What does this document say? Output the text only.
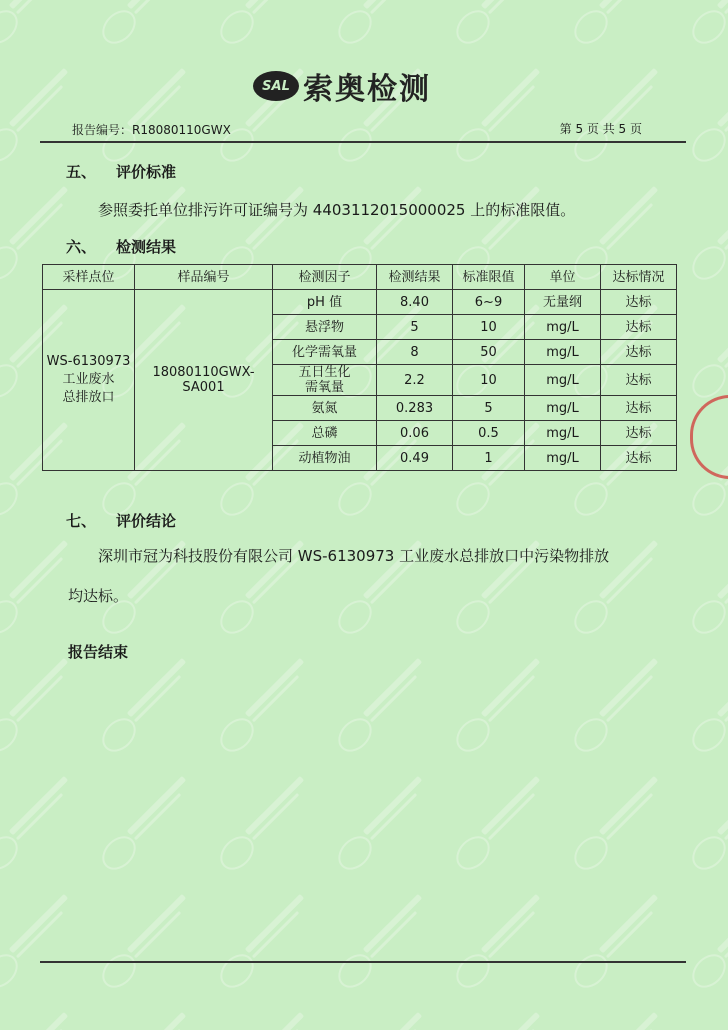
SAL 索奥检测
报告编号：R18080110GWX	第 5 页 共 5 页
五、 评价标准
参照委托单位排污许可证编号为 4403112015000025 上的标准限值。
六、 检测结果
采样点位	样品编号	检测因子	检测结果	标准限值	单位	达标情况

WS-6130973
工业废水
总排放口	18080110GWX-SA001	pH 值	8.40	6~9	无量纲	达标

		悬浮物	5	10	mg/L	达标

		化学需氧量	8	50	mg/L	达标

		五日生化
需氧量	2.2	10	mg/L	达标

		氨氮	0.283	5	mg/L	达标

		总磷	0.06	0.5	mg/L	达标

		动植物油	0.49	1	mg/L	达标
七、 评价结论
深圳市冠为科技股份有限公司 WS-6130973 工业废水总排放口中污染物排放
均达标。
报告结束
